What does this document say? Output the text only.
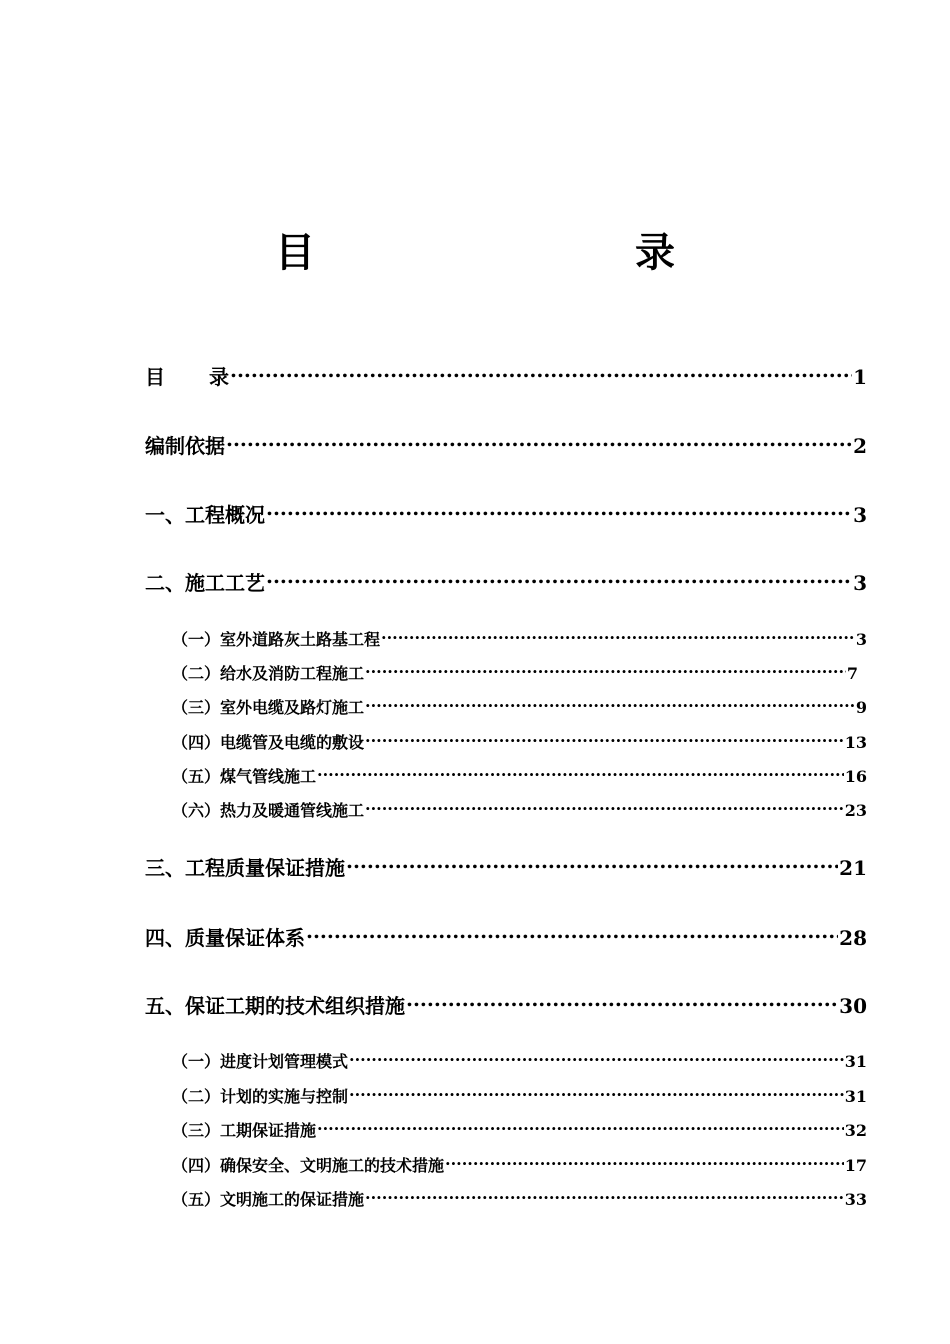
目　　录
目 录 .....	1
编制依据 .....	2
一、工程概况 .....	3
二、施工工艺 .....	3
（一）室外道路灰土路基工程 .....	3
（二）给水及消防工程施工 .....	7
（三）室外电缆及路灯施工 .....	9
（四）电缆管及电缆的敷设 .....	13
（五）煤气管线施工 .....	16
（六）热力及暖通管线施工 .....	23
三、工程质量保证措施 .....	21
四、质量保证体系 .....	28
五、保证工期的技术组织措施 .....	30
（一）进度计划管理模式 .....	31
（二）计划的实施与控制 .....	31
（三）工期保证措施 .....	32
（四）确保安全、文明施工的技术措施 .....	17
（五）文明施工的保证措施 .....	33
